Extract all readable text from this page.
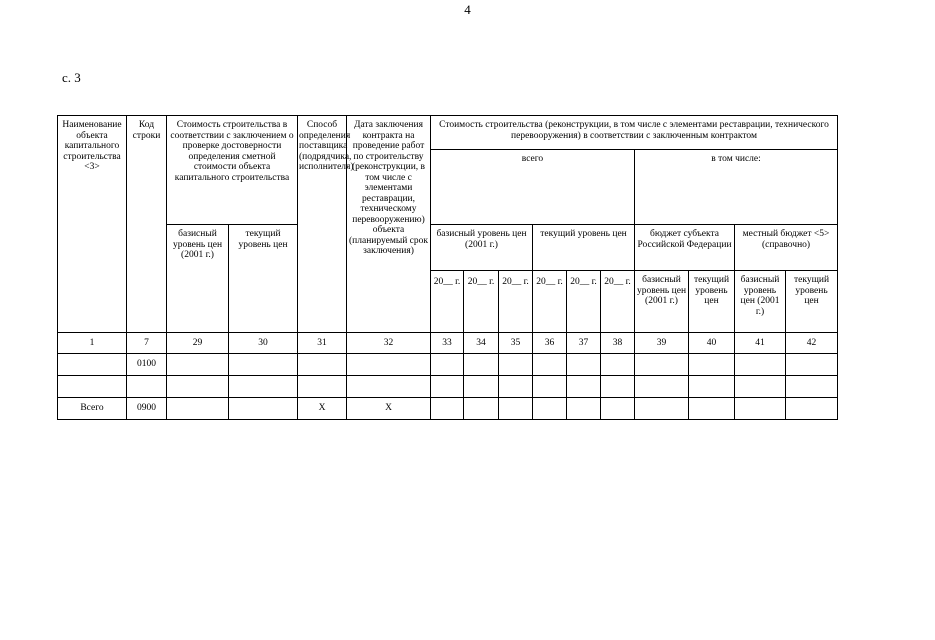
4
с. 3
Наименование объекта капитального строительства <3>	Код строки	Стоимость строительства в соответствии с заключением о проверке достоверности определения сметной стоимости объекта капитального строительства		Способ определения поставщика (подрядчика, исполнителя)	Дата заключения контракта на проведение работ по строительству (реконструкции, в том числе с элементами реставрации, техническому перевооружению) объекта (планируемый срок заключения)	Стоимость строительства (реконструкции, в том числе с элементами реставрации, технического перевооружения) в соответствии с заключенным контрактом									
						всего						в том числе:			
		базисный уровень цен (2001 г.)	текущий уровень цен			базисный уровень цен (2001 г.)			текущий уровень цен			бюджет субъекта Российской Федерации		местный бюджет <5> (справочно)	
						20__ г.	20__ г.	20__ г.	20__ г.	20__ г.	20__ г.	базисный уровень цен (2001 г.)	текущий уровень цен	базисный уровень цен (2001 г.)	текущий уровень цен
1	7	29	30	31	32	33	34	35	36	37	38	39	40	41	42
	0100														

Всего	0900			X	X										
